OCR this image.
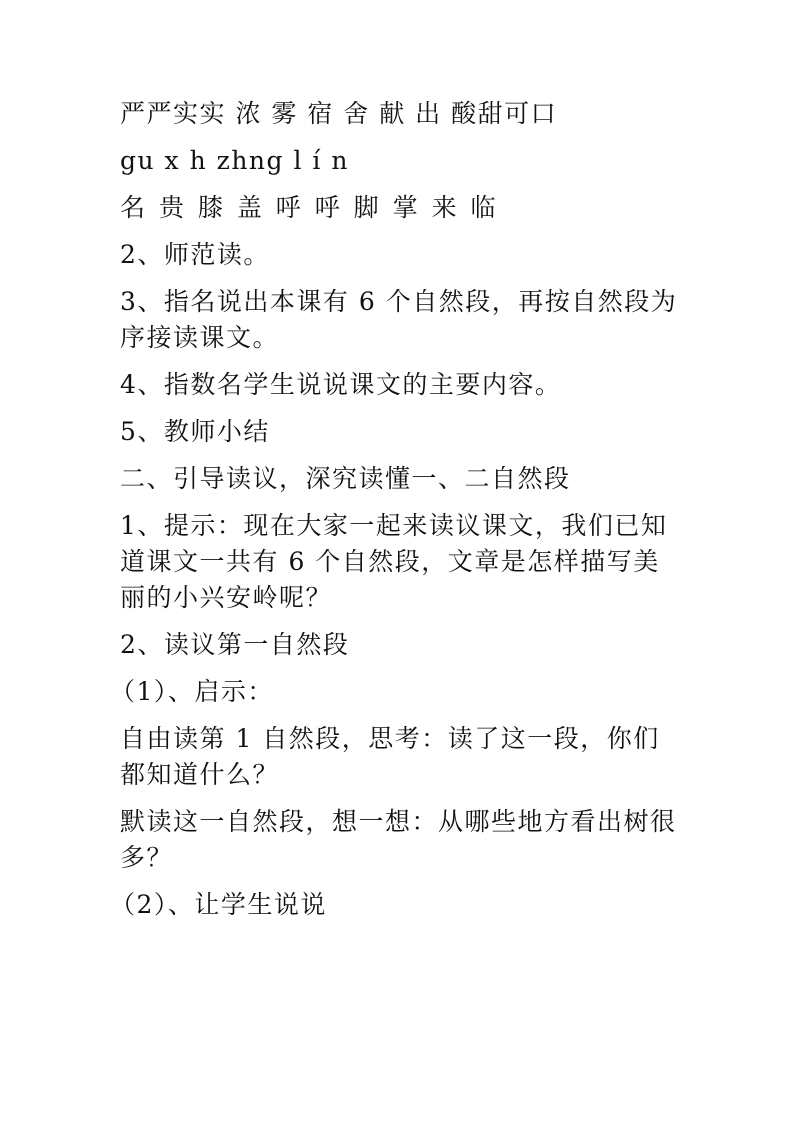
严严实实 浓 雾 宿 舍 献 出 酸甜可口

gu x h zhng l í n

名 贵 膝 盖 呼 呼 脚 掌 来 临

2、师范读。

3、指名说出本课有 6 个自然段，再按自然段为序接读课文。

4、指数名学生说说课文的主要内容。

5、教师小结

二、引导读议，深究读懂一、二自然段

1、提示：现在大家一起来读议课文，我们已知道课文一共有 6 个自然段，文章是怎样描写美丽的小兴安岭呢？

2、读议第一自然段

（1）、启示：

自由读第 1 自然段，思考：读了这一段，你们都知道什么？

默读这一自然段，想一想：从哪些地方看出树很多？

（2）、让学生说说
